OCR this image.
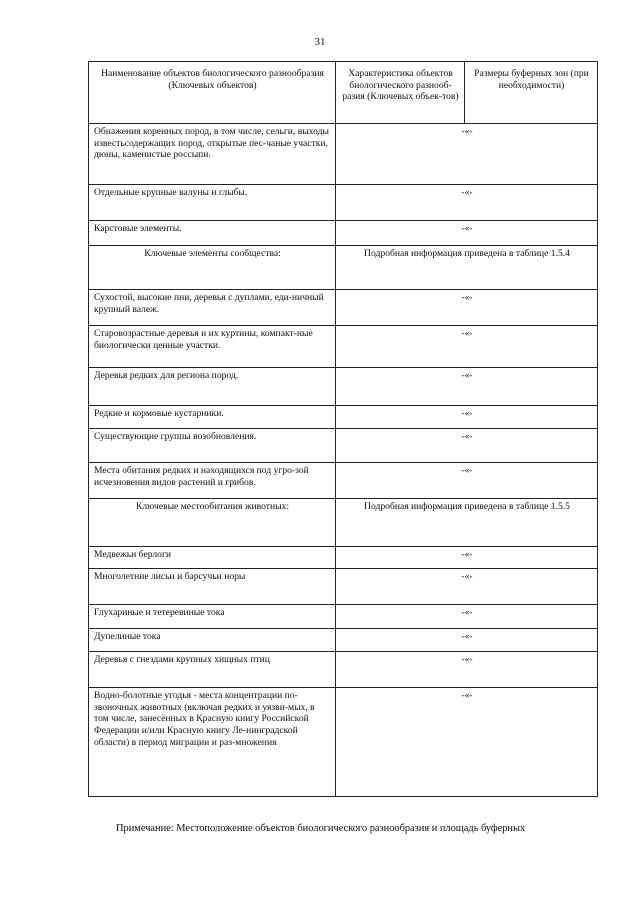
31
Наименование объектов биологического разнообразия (Ключевых объектов)	Характеристика объектов биологического разнооб-разия (Ключевых объек-тов)	Размеры буферных зон (при необходимости)
Обнажения коренных пород, в том числе, сельги, выходы известьсодержащих пород, открытые пес-чаные участки, дюны, каменистые россыпи.	-«-	
Отдельные крупные валуны и глыбы.	-«-	
Карстовые элементы.	-«-	
Ключевые элементы сообщества:	Подробная информация приведена в таблице 1.5.4	
Сухостой, высокие пни, деревья с дуплами, еди-ничный крупный валеж.	-«-	
Старовозрастные деревья и их куртины, компакт-ные биологически ценные участки.	-«-	
Деревья редких для региона пород.	-«-	
Редкие и кормовые кустарники.	-«-	
Существующие группы возобновления.	-«-	
Места обитания редких и находящихся под угро-зой исчезновения видов растений и грибов.	-«-	
Ключевые местообитания животных:	Подробная информация приведена в таблице 1.5.5	
Медвежьи берлоги	-«-	
Многолетние лисьи и барсучьи норы	-«-	
Глухариные и тетеревиные тока	-«-	
Дупелиные тока	-«-	
Деревья с гнездами крупных хищных птиц	-«-	
Водно-болотные угодья - места концентрации по-звоночных животных (включая редких и уязви-мых, в том числе, занесённых в Красную книгу Российской Федерации и/или Красную книгу Ле-нинградской области) в период миграции и раз-множения	-«-	
Примечание: Местоположение объектов биологического разнообразия и площадь буферных
